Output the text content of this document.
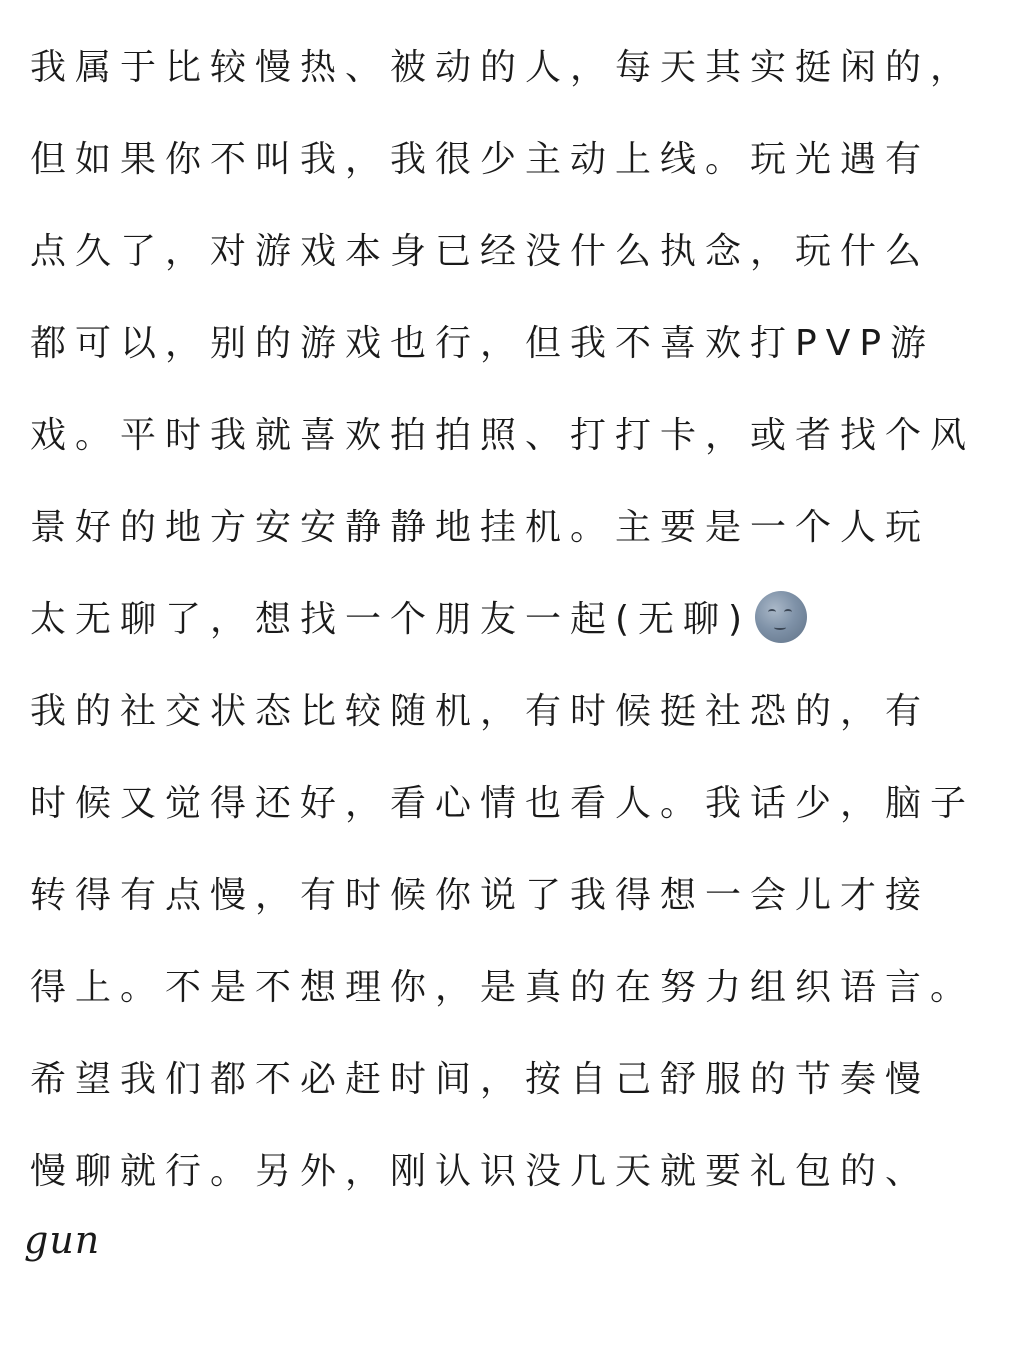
我属于比较慢热、被动的人，每天其实挺闲的，
但如果你不叫我，我很少主动上线。玩光遇有
点久了，对游戏本身已经没什么执念，玩什么
都可以，别的游戏也行，但我不喜欢打PVP游
戏。平时我就喜欢拍拍照、打打卡，或者找个风
景好的地方安安静静地挂机。主要是一个人玩
太无聊了，想找一个朋友一起(无聊)
我的社交状态比较随机，有时候挺社恐的，有
时候又觉得还好，看心情也看人。我话少，脑子
转得有点慢，有时候你说了我得想一会儿才接
得上。不是不想理你，是真的在努力组织语言。
希望我们都不必赶时间，按自己舒服的节奏慢
慢聊就行。另外，刚认识没几天就要礼包的、
gun
